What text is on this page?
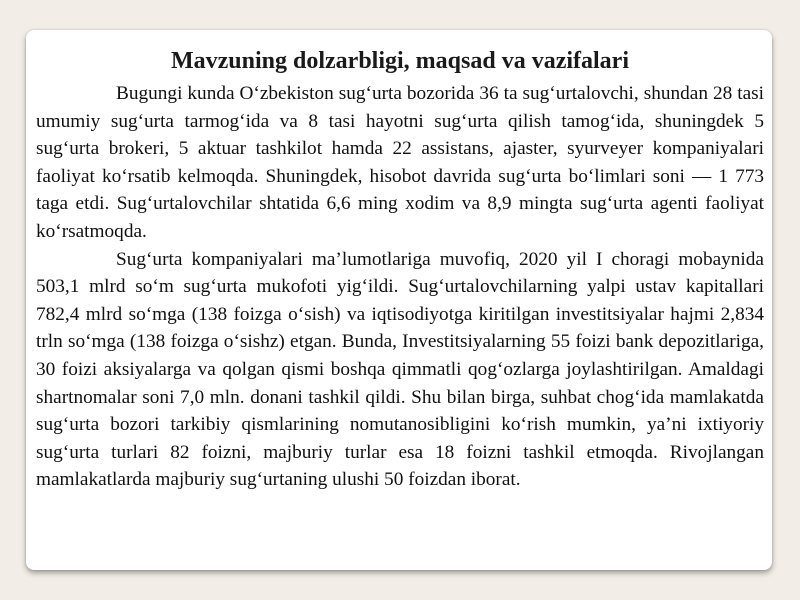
Mavzuning dolzarbligi, maqsad va vazifalari

Bugungi kunda O‘zbekiston sug‘urta bozorida 36 ta sug‘urtalovchi, shundan 28 tasi umumiy sug‘urta tarmog‘ida va 8 tasi hayotni sug‘urta qilish tamog‘ida, shuningdek 5 sug‘urta brokeri, 5 aktuar tashkilot hamda 22 assistans, ajaster, syurveyer kompaniyalari faoliyat ko‘rsatib kelmoqda. Shuningdek, hisobot davrida sug‘urta bo‘limlari soni — 1 773 taga etdi. Sug‘urtalovchilar shtatida 6,6 ming xodim va 8,9 mingta sug‘urta agenti faoliyat ko‘rsatmoqda.

Sug‘urta kompaniyalari ma’lumotlariga muvofiq, 2020 yil I choragi mobaynida 503,1 mlrd so‘m sug‘urta mukofoti yig‘ildi. Sug‘urtalovchilarning yalpi ustav kapitallari 782,4 mlrd so‘mga (138 foizga o‘sish) va iqtisodiyotga kiritilgan investitsiyalar hajmi 2,834 trln so‘mga (138 foizga o‘sishz) etgan. Bunda, Investitsiyalarning 55 foizi bank depozitlariga, 30 foizi aksiyalarga va qolgan qismi boshqa qimmatli qog‘ozlarga joylashtirilgan. Amaldagi shartnomalar soni 7,0 mln. donani tashkil qildi. Shu bilan birga, suhbat chog‘ida mamlakatda sug‘urta bozori tarkibiy qismlarining nomutanosibligini ko‘rish mumkin, ya’ni ixtiyoriy sug‘urta turlari 82 foizni, majburiy turlar esa 18 foizni tashkil etmoqda. Rivojlangan mamlakatlarda majburiy sug‘urtaning ulushi 50 foizdan iborat.
